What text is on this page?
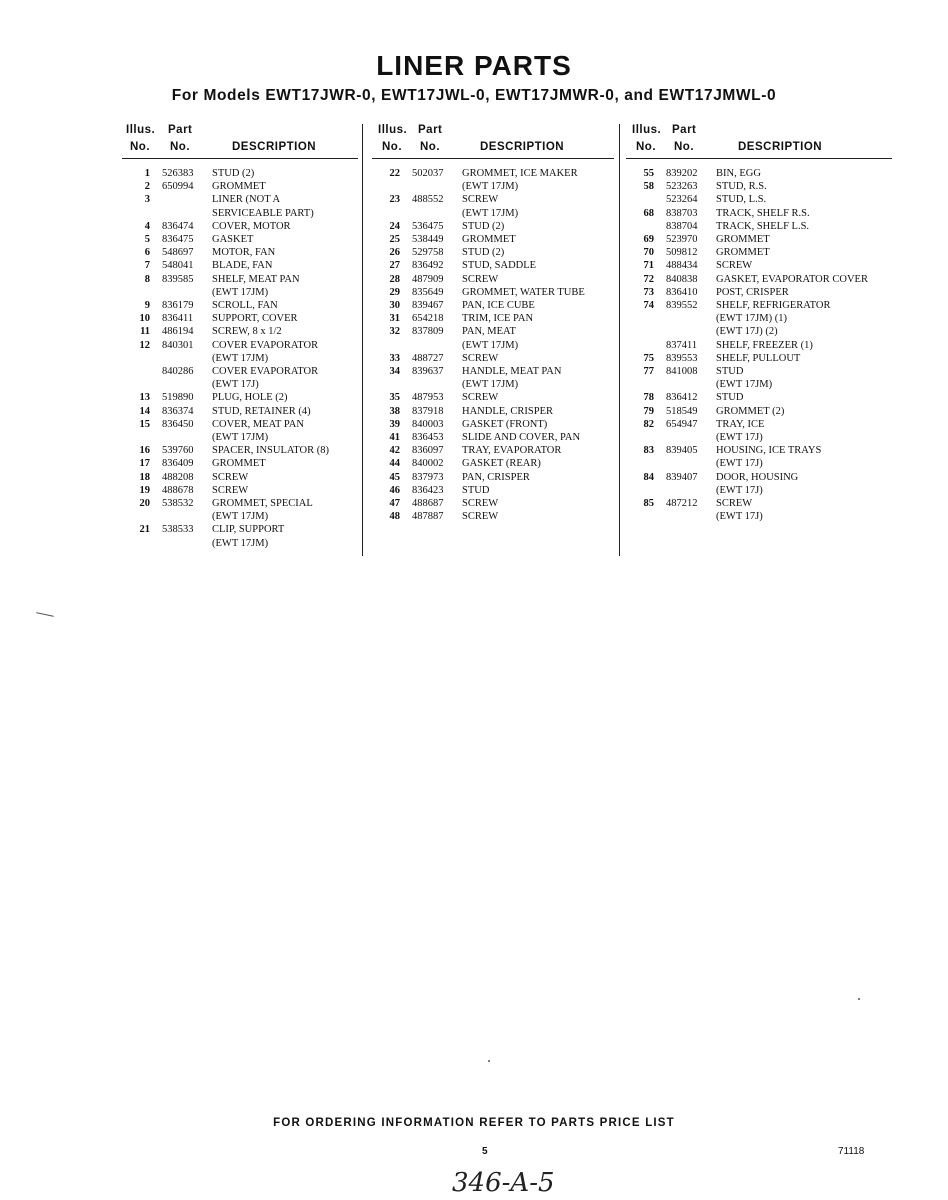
LINER PARTS
For Models EWT17JWR-0, EWT17JWL-0, EWT17JMWR-0, and EWT17JMWL-0
Illus. Part
No. No.	DESCRIPTION
1 526383 STUD (2)
2 650994 GROMMET
3	LINER (NOT A
SERVICEABLE PART)
4 836474 COVER, MOTOR
5 836475 GASKET
6 548697 MOTOR, FAN
7 548041 BLADE, FAN
8 839585 SHELF, MEAT PAN
(EWT 17JM)
9 836179 SCROLL, FAN
10 836411 SUPPORT, COVER
11 486194 SCREW, 8 x 1/2
12 840301 COVER EVAPORATOR
(EWT 17JM)
840286 COVER EVAPORATOR
(EWT 17J)
13 519890 PLUG, HOLE (2)
14 836374 STUD, RETAINER (4)
15 836450 COVER, MEAT PAN
(EWT 17JM)
16 539760 SPACER, INSULATOR (8)
17 836409 GROMMET
18 488208 SCREW
19 488678 SCREW
20 538532 GROMMET, SPECIAL
(EWT 17JM)
21 538533 CLIP, SUPPORT
(EWT 17JM)
Illus. Part
No. No.	DESCRIPTION
22 502037 GROMMET, ICE MAKER
(EWT 17JM)
23 488552 SCREW
(EWT 17JM)
24 536475 STUD (2)
25 538449 GROMMET
26 529758 STUD (2)
27 836492 STUD, SADDLE
28 487909 SCREW
29 835649 GROMMET, WATER TUBE
30 839467 PAN, ICE CUBE
31 654218 TRIM, ICE PAN
32 837809 PAN, MEAT
(EWT 17JM)
33 488727 SCREW
34 839637 HANDLE, MEAT PAN
(EWT 17JM)
35 487953 SCREW
38 837918 HANDLE, CRISPER
39 840003 GASKET (FRONT)
41 836453 SLIDE AND COVER, PAN
42 836097 TRAY, EVAPORATOR
44 840002 GASKET (REAR)
45 837973 PAN, CRISPER
46 836423 STUD
47 488687 SCREW
48 487887 SCREW
Illus. Part
No. No.	DESCRIPTION
55 839202 BIN, EGG
58 523263 STUD, R.S.
523264 STUD, L.S.
68 838703 TRACK, SHELF R.S.
838704 TRACK, SHELF L.S.
69 523970 GROMMET
70 509812 GROMMET
71 488434 SCREW
72 840838 GASKET, EVAPORATOR COVER
73 836410 POST, CRISPER
74 839552 SHELF, REFRIGERATOR
(EWT 17JM) (1)
(EWT 17J) (2)
837411 SHELF, FREEZER (1)
75 839553 SHELF, PULLOUT
77 841008 STUD
(EWT 17JM)
78 836412 STUD
79 518549 GROMMET (2)
82 654947 TRAY, ICE
(EWT 17J)
83 839405 HOUSING, ICE TRAYS
(EWT 17J)
84 839407 DOOR, HOUSING
(EWT 17J)
85 487212 SCREW
(EWT 17J)
FOR ORDERING INFORMATION REFER TO PARTS PRICE LIST
5	71118
346-A-5
